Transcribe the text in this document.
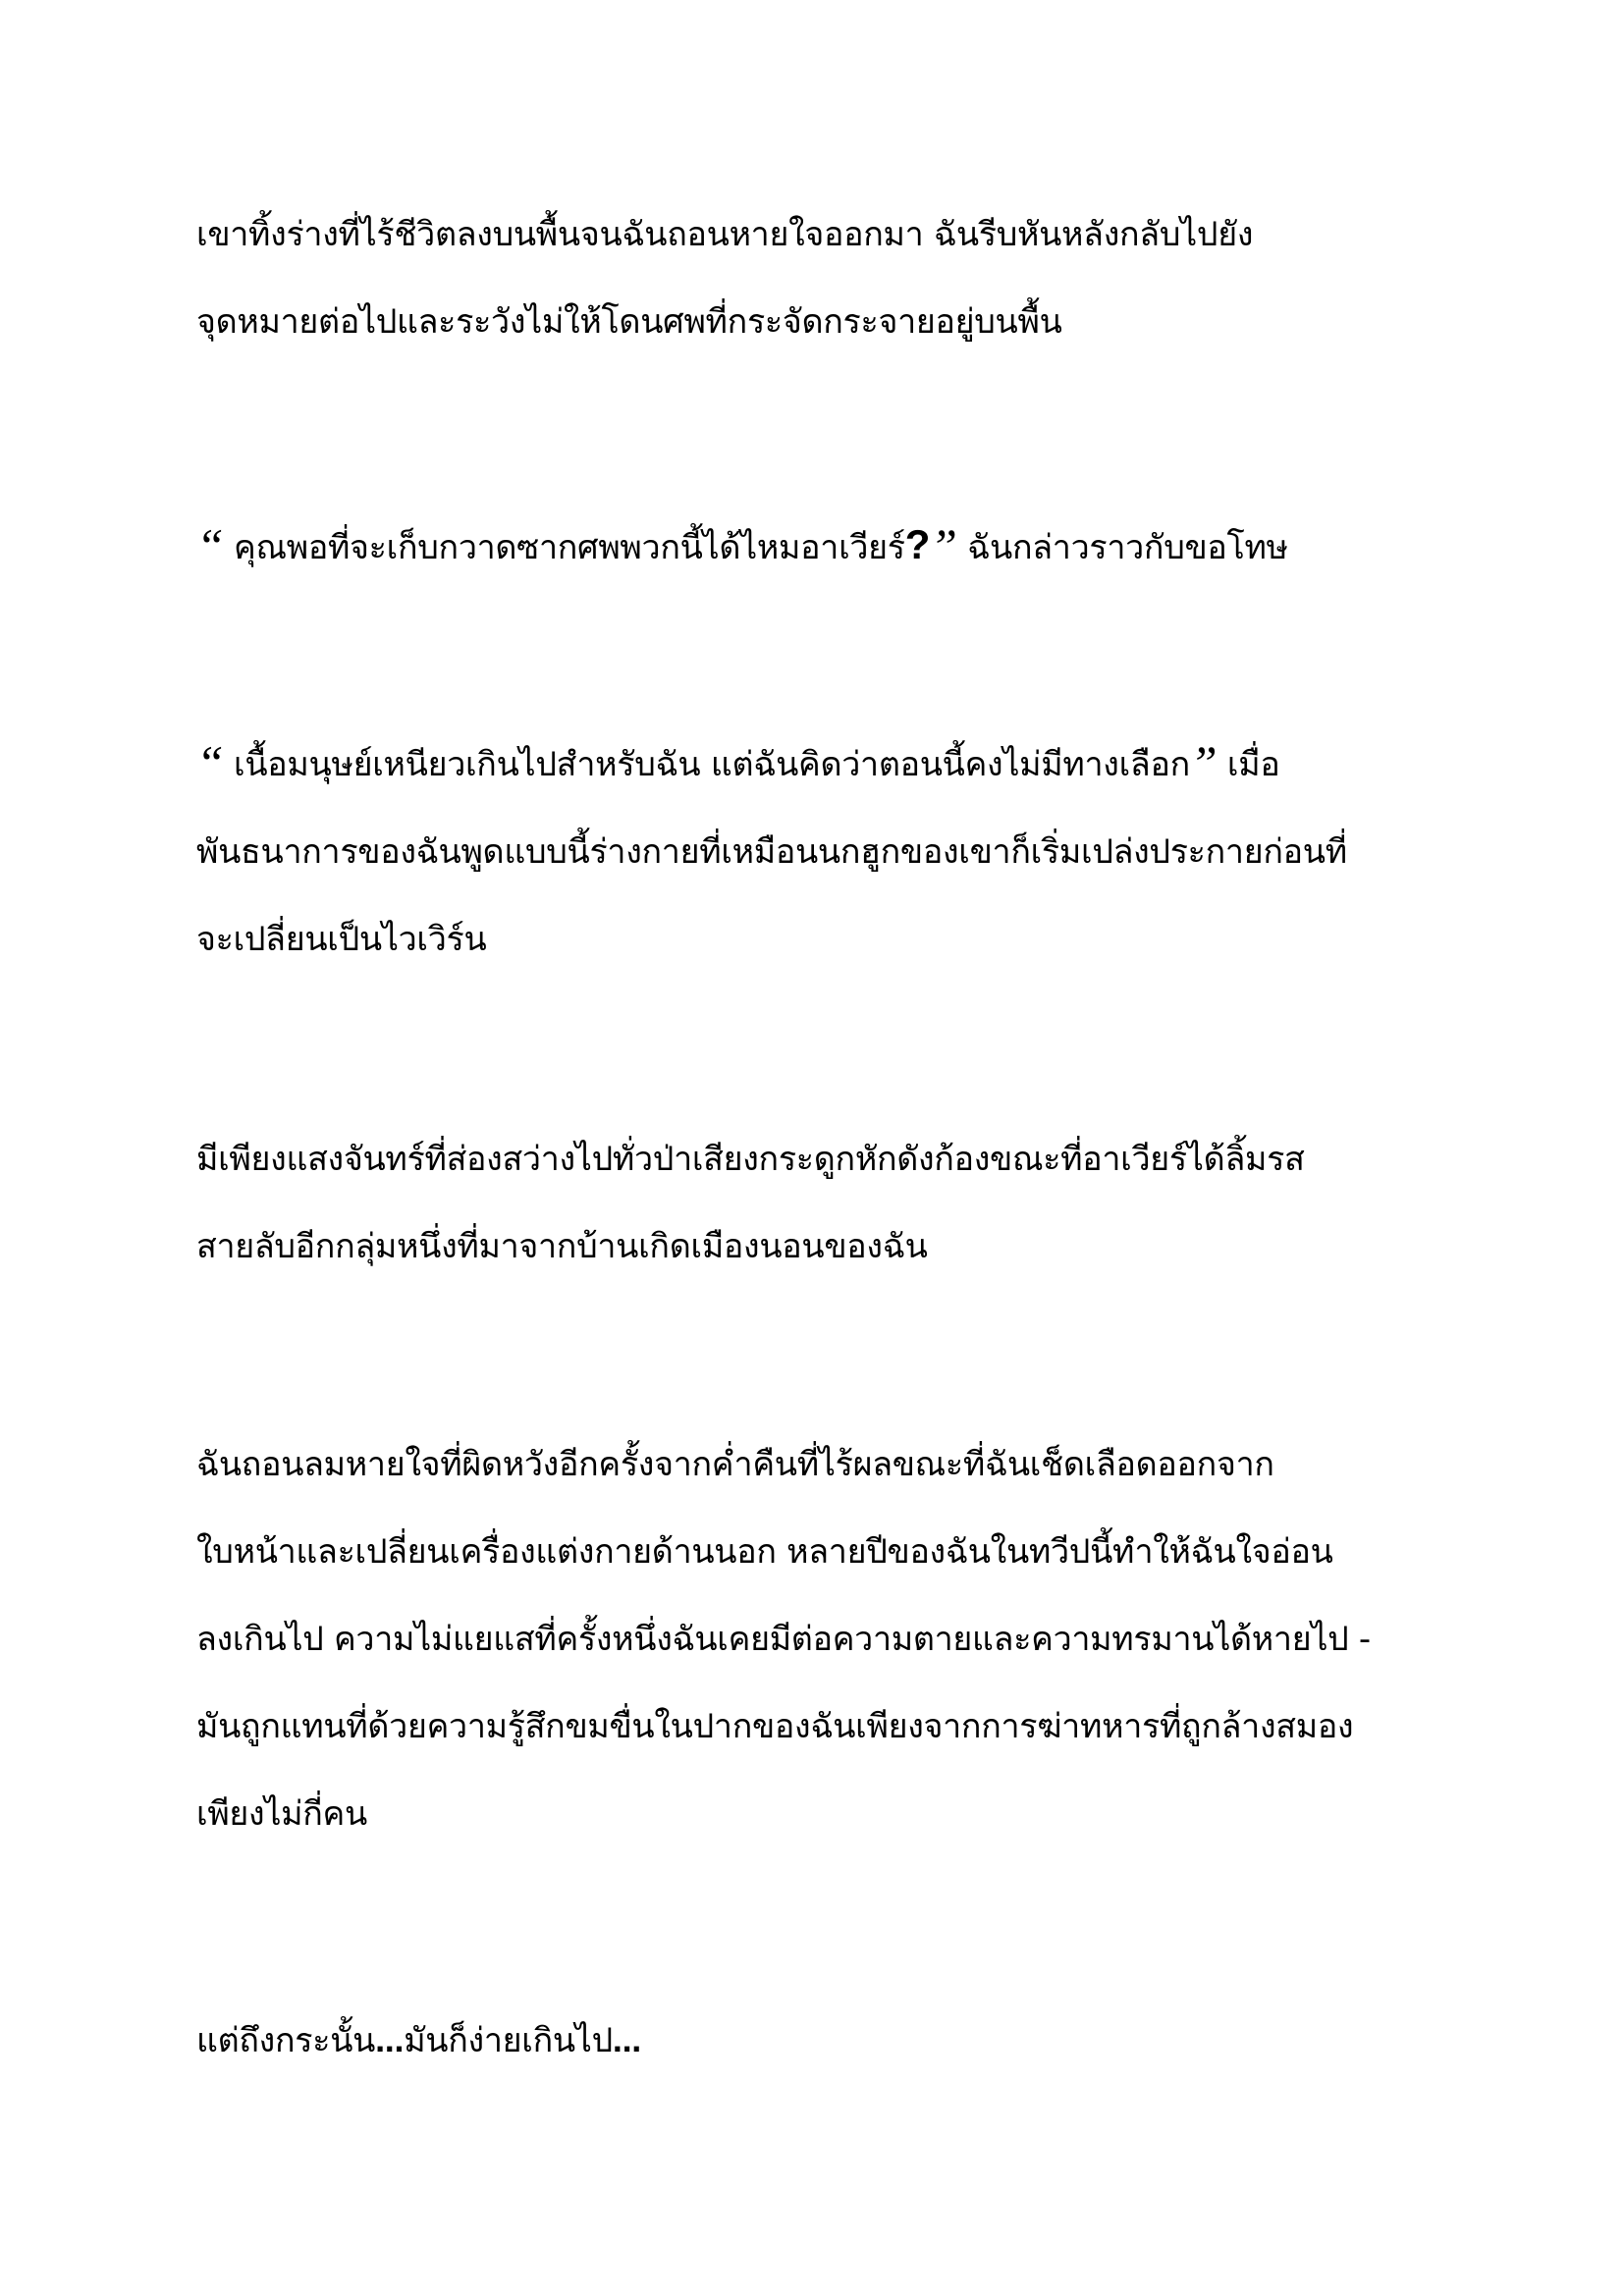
เขาทิ้งร่างที่ไร้ชีวิตลงบนพื้นจนฉันถอนหายใจออกมา ฉันรีบหันหลังกลับไปยัง
จุดหมายต่อไปและระวังไม่ให้โดนศพที่กระจัดกระจายอยู่บนพื้น

“ คุณพอที่จะเก็บกวาดซากศพพวกนี้ได้ไหมอาเวียร์?” ฉันกล่าวราวกับขอโทษ

“ เนื้อมนุษย์เหนียวเกินไปสำหรับฉัน แต่ฉันคิดว่าตอนนี้คงไม่มีทางเลือก” เมื่อ
พันธนาการของฉันพูดแบบนี้ร่างกายที่เหมือนนกฮูกของเขาก็เริ่มเปล่งประกายก่อนที่
จะเปลี่ยนเป็นไวเวิร์น

มีเพียงแสงจันทร์ที่ส่องสว่างไปทั่วป่าเสียงกระดูกหักดังก้องขณะที่อาเวียร์ได้ลิ้มรส
สายลับอีกกลุ่มหนึ่งที่มาจากบ้านเกิดเมืองนอนของฉัน

ฉันถอนลมหายใจที่ผิดหวังอีกครั้งจากค่ำคืนที่ไร้ผลขณะที่ฉันเช็ดเลือดออกจาก
ใบหน้าและเปลี่ยนเครื่องแต่งกายด้านนอก หลายปีของฉันในทวีปนี้ทำให้ฉันใจอ่อน
ลงเกินไป ความไม่แยแสที่ครั้งหนึ่งฉันเคยมีต่อความตายและความทรมานได้หายไป -
มันถูกแทนที่ด้วยความรู้สึกขมขื่นในปากของฉันเพียงจากการฆ่าทหารที่ถูกล้างสมอง
เพียงไม่กี่คน

แต่ถึงกระนั้น...มันก็ง่ายเกินไป...
